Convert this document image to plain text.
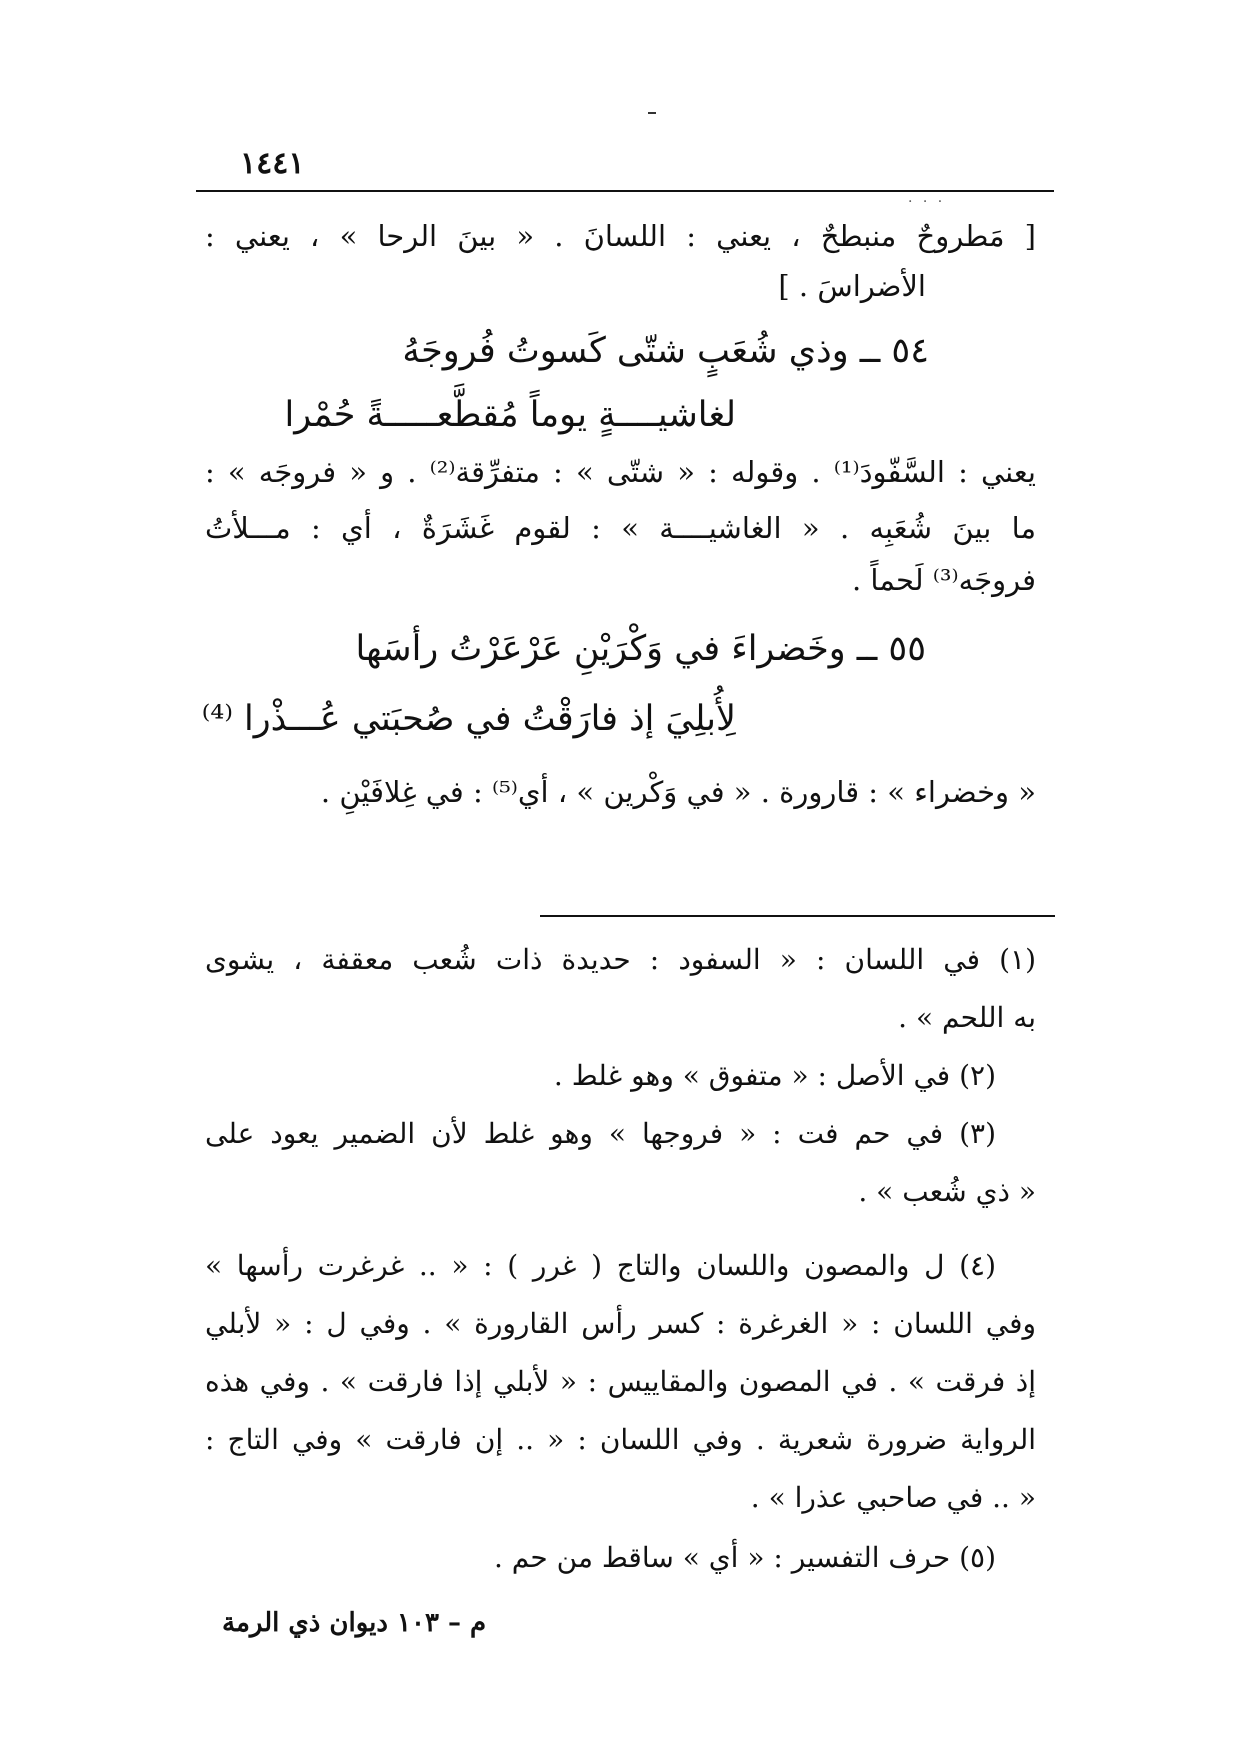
١٤٤١
· · ·
[ مَطروحٌ منبطحٌ ، يعني : اللسانَ . « بينَ الرحا » ، يعني :
الأضراسَ . ]
٥٤ ــ وذي شُعَبٍ شتّى كَسوتُ فُروجَهُ
لغاشيــــةٍ يوماً مُقطَّعـــــةً حُمْرا
يعني : السَّفّودَ⁽¹⁾ . وقوله : « شتّى » : متفرِّقة⁽²⁾ . و « فروجَه » :
ما بينَ شُعَبِه . « الغاشيــــة » : لقوم غَشَرَةٌ ، أي : مـــلأتُ
فروجَه⁽³⁾ لَحماً .
٥٥ ــ وخَضراءَ في وَكْرَيْنِ عَرْعَرْتُ رأسَها
لِأُبلِيَ إذ فارَقْتُ في صُحبَتي عُـــذْرا ⁽⁴⁾
« وخضراء » : قارورة . « في وَكْرين » ، أي⁽⁵⁾ : في غِلافَيْنِ .
(١) في اللسان : « السفود : حديدة ذات شُعب معقفة ، يشوى
به اللحم » .
(٢) في الأصل : « متفوق » وهو غلط .
(٣) في حم فت : « فروجها » وهو غلط لأن الضمير يعود على
« ذي شُعب » .
(٤) ل والمصون واللسان والتاج ( غرر ) : « .. غرغرت رأسها »
وفي اللسان : « الغرغرة : كسر رأس القارورة » . وفي ل : « لأبلي
إذ فرقت » . في المصون والمقاييس : « لأبلي إذا فارقت » . وفي هذه
الرواية ضرورة شعرية . وفي اللسان : « .. إن فارقت » وفي التاج :
« .. في صاحبي عذرا » .
(٥) حرف التفسير : « أي » ساقط من حم .
م – ١٠٣ ديوان ذي الرمة
